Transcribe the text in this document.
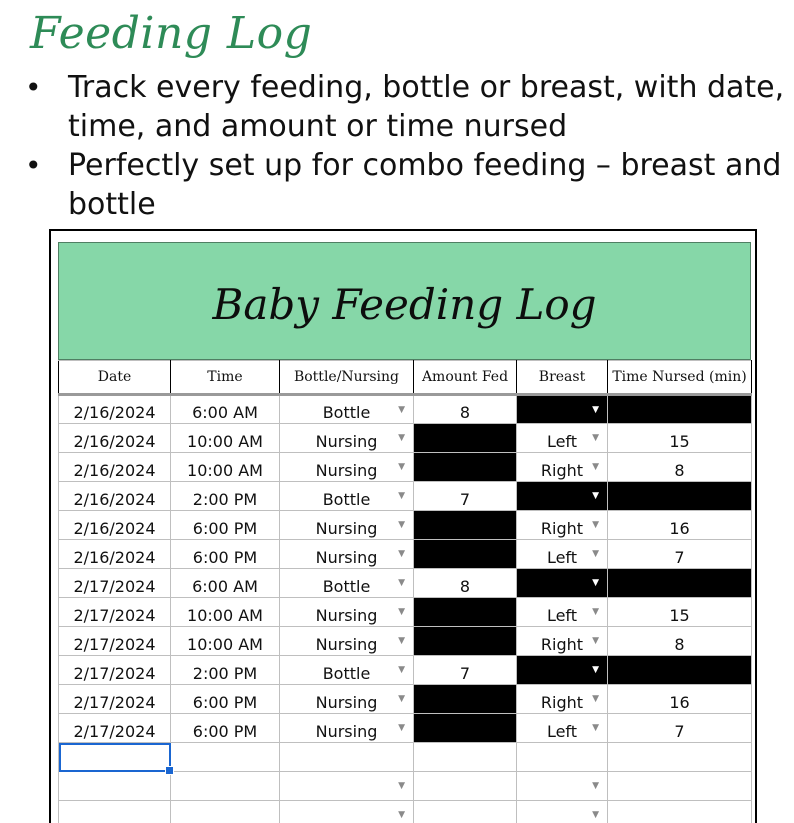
Feeding Log
• Track every feeding, bottle or breast, with date, time, and amount or time nursed
• Perfectly set up for combo feeding – breast and bottle
Baby Feeding Log
Date	Time	Bottle/Nursing	Amount Fed	Breast	Time Nursed (min)
2/16/2024	6:00 AM	Bottle ▼	8	▼	

2/16/2024	10:00 AM	Nursing ▼		Left ▼	15
2/16/2024	10:00 AM	Nursing ▼		Right ▼	8
2/16/2024	2:00 PM	Bottle ▼	7	▼	

2/16/2024	6:00 PM	Nursing ▼		Right ▼	16
2/16/2024	6:00 PM	Nursing ▼		Left ▼	7
2/17/2024	6:00 AM	Bottle ▼	8	▼	

2/17/2024	10:00 AM	Nursing ▼		Left ▼	15
2/17/2024	10:00 AM	Nursing ▼		Right ▼	8
2/17/2024	2:00 PM	Bottle ▼	7	▼	

2/17/2024	6:00 PM	Nursing ▼		Right ▼	16
2/17/2024	6:00 PM	Nursing ▼		Left ▼	7

		▼		▼	

		▼		▼	
